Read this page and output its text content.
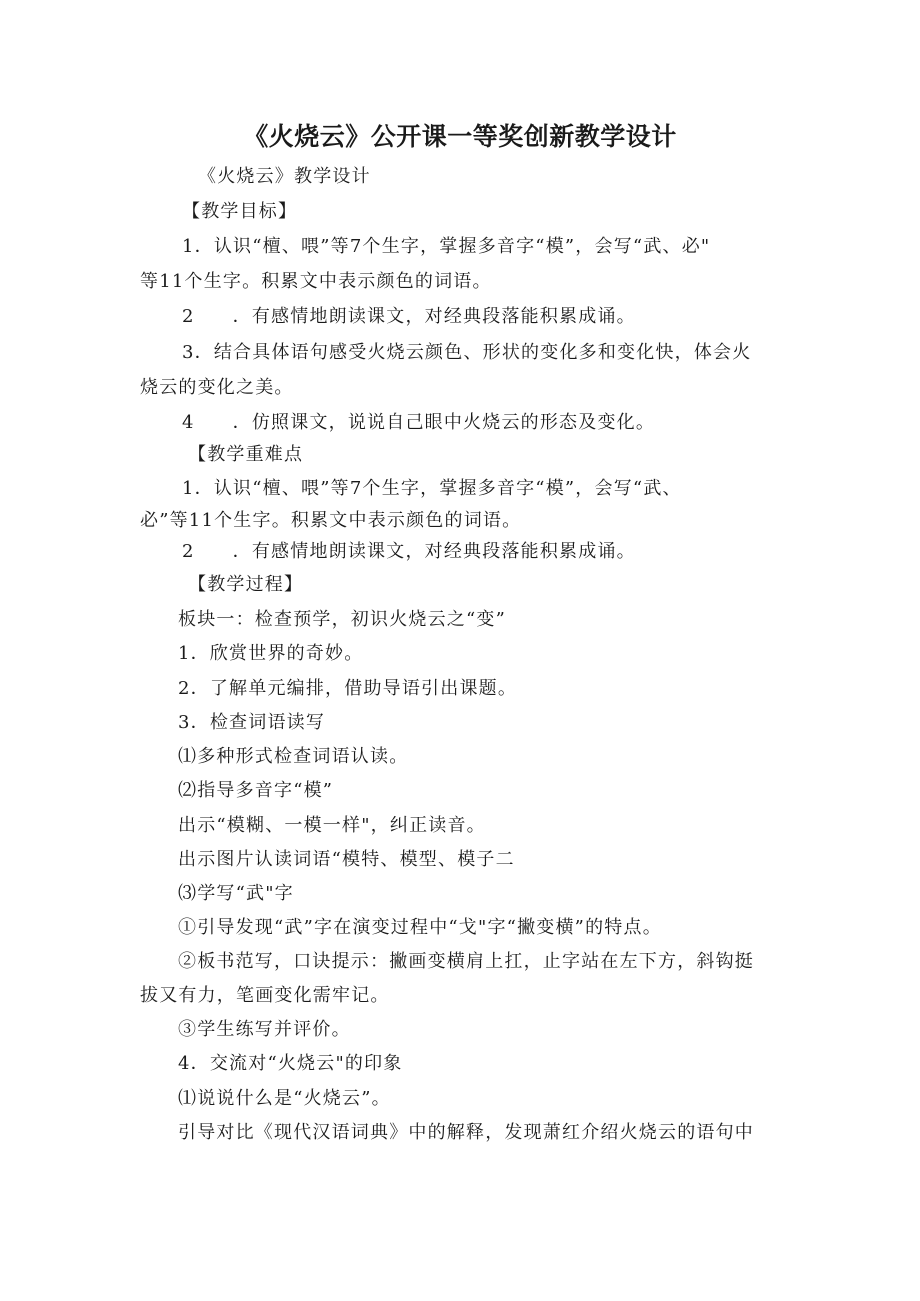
《火烧云》公开课一等奖创新教学设计
《火烧云》教学设计
【教学目标】
1．认识“檀、喂”等7个生字，掌握多音字“模”，会写“武、必"
等11个生字。积累文中表示颜色的词语。
2 ．有感情地朗读课文，对经典段落能积累成诵。
3．结合具体语句感受火烧云颜色、形状的变化多和变化快，体会火
烧云的变化之美。
4 ．仿照课文，说说自己眼中火烧云的形态及变化。
【教学重难点
1．认识“檀、喂”等7个生字，掌握多音字“模”，会写“武、
必”等11个生字。积累文中表示颜色的词语。
2 ．有感情地朗读课文，对经典段落能积累成诵。
【教学过程】
板块一：检查预学，初识火烧云之“变”
1．欣赏世界的奇妙。
2．了解单元编排，借助导语引出课题。
3．检查词语读写
⑴多种形式检查词语认读。
⑵指导多音字“模”
出示“模糊、一模一样"，纠正读音。
出示图片认读词语“模特、模型、模子二
⑶学写“武"字
①引导发现“武”字在演变过程中“戈"字“撇变横”的特点。
②板书范写，口诀提示：撇画变横肩上扛，止字站在左下方，斜钩挺
拔又有力，笔画变化需牢记。
③学生练写并评价。
4．交流对“火烧云"的印象
⑴说说什么是“火烧云”。
引导对比《现代汉语词典》中的解释，发现萧红介绍火烧云的语句中
